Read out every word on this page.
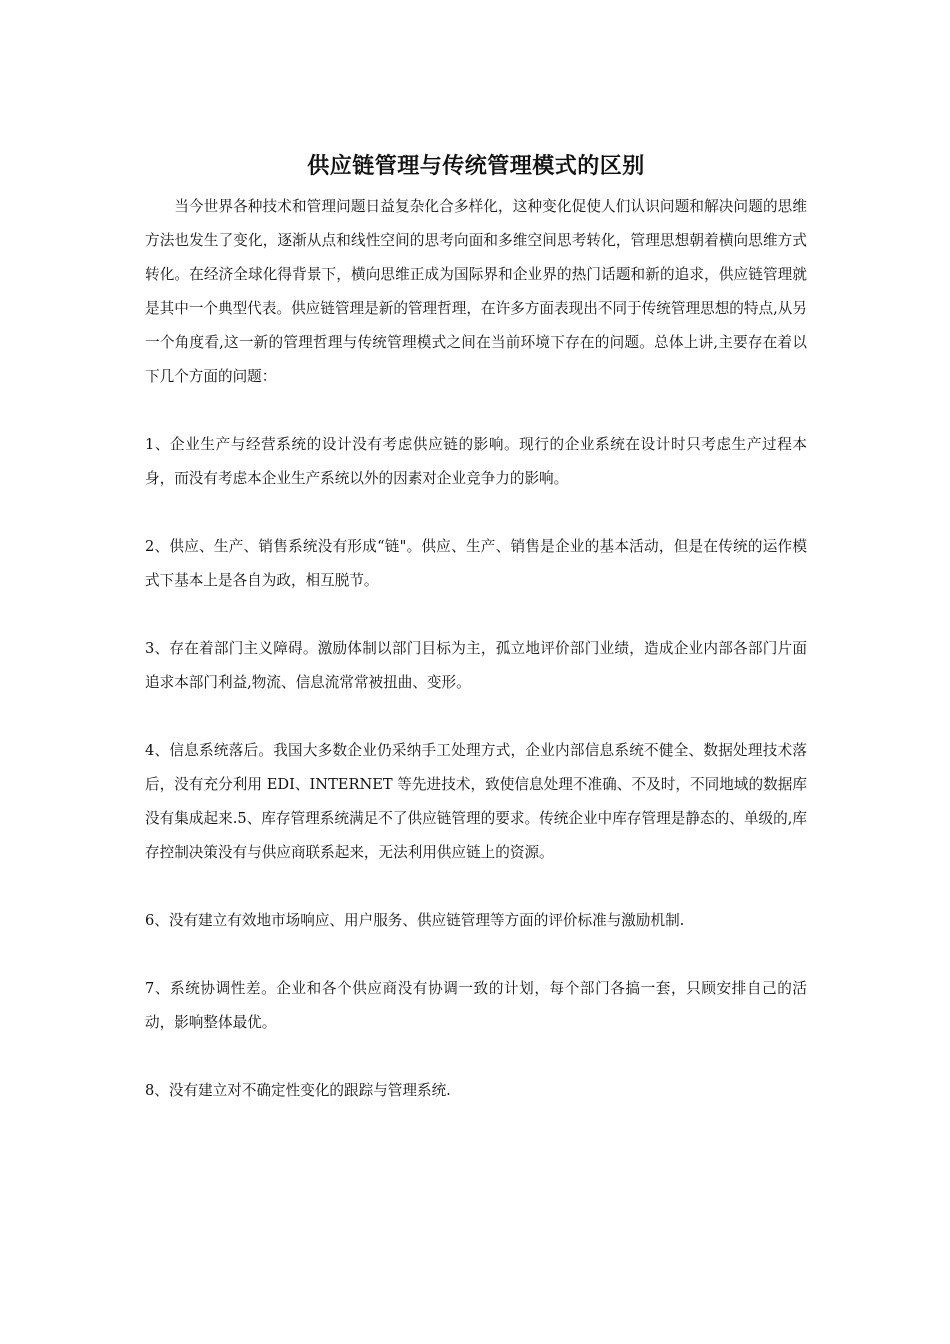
供应链管理与传统管理模式的区别

当今世界各种技术和管理问题日益复杂化合多样化，这种变化促使人们认识问题和解决问题的思维方法也发生了变化，逐渐从点和线性空间的思考向面和多维空间思考转化，管理思想朝着横向思维方式转化。在经济全球化得背景下，横向思维正成为国际界和企业界的热门话题和新的追求，供应链管理就是其中一个典型代表。供应链管理是新的管理哲理，在许多方面表现出不同于传统管理思想的特点,从另一个角度看,这一新的管理哲理与传统管理模式之间在当前环境下存在的问题。总体上讲,主要存在着以下几个方面的问题：

1、企业生产与经营系统的设计没有考虑供应链的影响。现行的企业系统在设计时只考虑生产过程本身，而没有考虑本企业生产系统以外的因素对企业竞争力的影响。

2、供应、生产、销售系统没有形成“链"。供应、生产、销售是企业的基本活动，但是在传统的运作模式下基本上是各自为政，相互脱节。

3、存在着部门主义障碍。激励体制以部门目标为主，孤立地评价部门业绩，造成企业内部各部门片面追求本部门利益,物流、信息流常常被扭曲、变形。

4、信息系统落后。我国大多数企业仍采纳手工处理方式，企业内部信息系统不健全、数据处理技术落后，没有充分利用 EDI、INTERNET 等先进技术，致使信息处理不准确、不及时，不同地域的数据库没有集成起来.5、库存管理系统满足不了供应链管理的要求。传统企业中库存管理是静态的、单级的,库存控制决策没有与供应商联系起来，无法利用供应链上的资源。

6、没有建立有效地市场响应、用户服务、供应链管理等方面的评价标准与激励机制.

7、系统协调性差。企业和各个供应商没有协调一致的计划，每个部门各搞一套，只顾安排自己的活动，影响整体最优。

8、没有建立对不确定性变化的跟踪与管理系统.
